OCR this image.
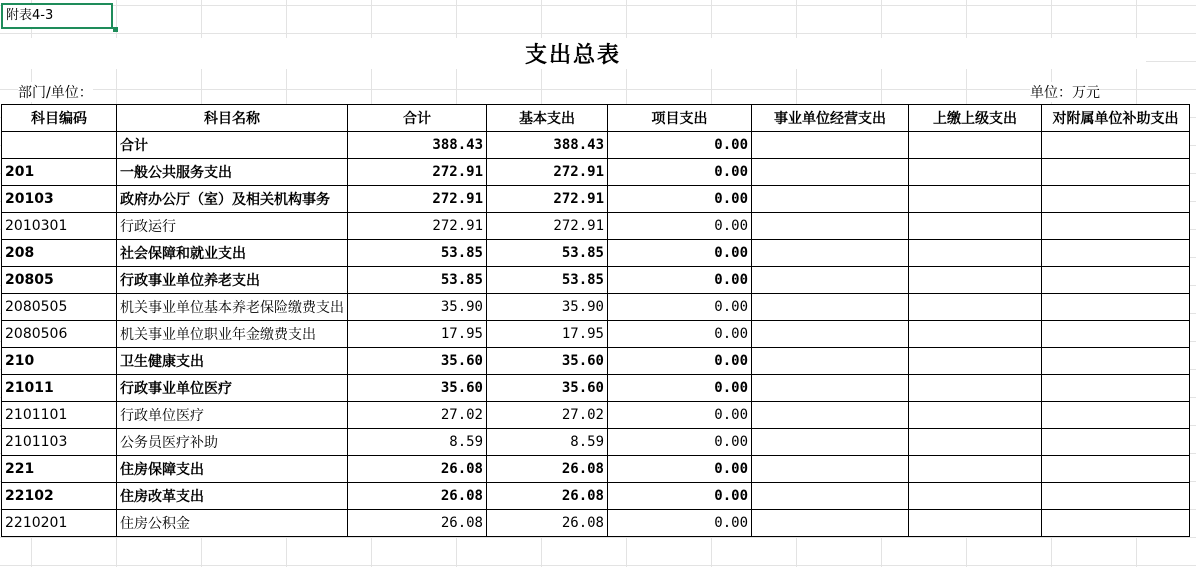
附表4-3
支出总表
部门/单位：	单位：万元
科目编码	科目名称	合计	基本支出	项目支出	事业单位经营支出	上缴上级支出	对附属单位补助支出
	合计	388.43	388.43	0.00			
201	一般公共服务支出	272.91	272.91	0.00			
20103	政府办公厅（室）及相关机构事务	272.91	272.91	0.00			
2010301	行政运行	272.91	272.91	0.00			
208	社会保障和就业支出	53.85	53.85	0.00			
20805	行政事业单位养老支出	53.85	53.85	0.00			
2080505	机关事业单位基本养老保险缴费支出	35.90	35.90	0.00			
2080506	机关事业单位职业年金缴费支出	17.95	17.95	0.00			
210	卫生健康支出	35.60	35.60	0.00			
21011	行政事业单位医疗	35.60	35.60	0.00			
2101101	行政单位医疗	27.02	27.02	0.00			
2101103	公务员医疗补助	8.59	8.59	0.00			
221	住房保障支出	26.08	26.08	0.00			
22102	住房改革支出	26.08	26.08	0.00			
2210201	住房公积金	26.08	26.08	0.00			
